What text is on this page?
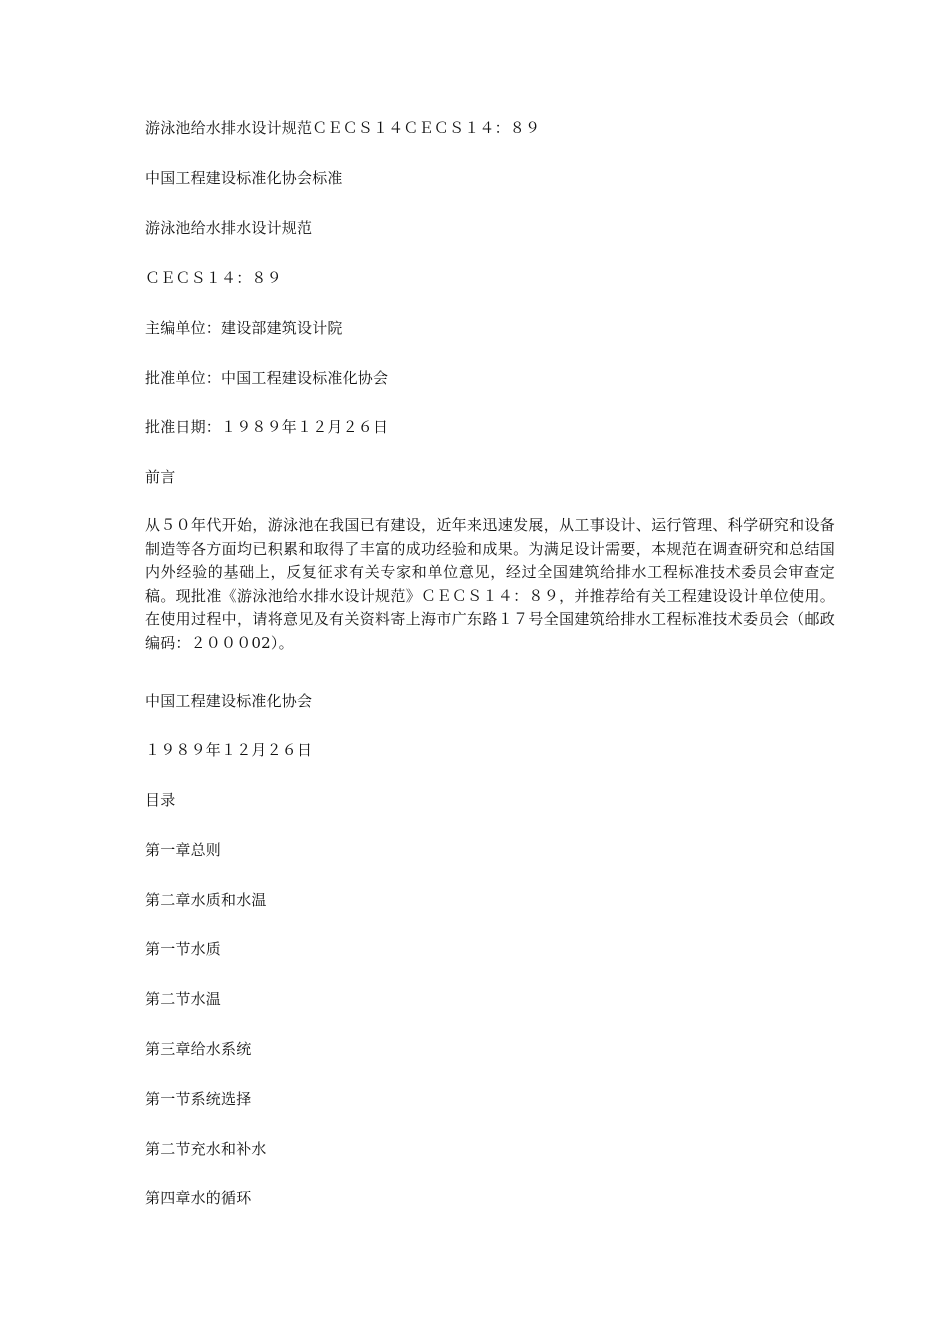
游泳池给水排水设计规范ＣＥＣＳ１４ＣＥＣＳ１４：８９
中国工程建设标准化协会标准
游泳池给水排水设计规范
ＣＥＣＳ１４：８９
主编单位：建设部建筑设计院
批准单位：中国工程建设标准化协会
批准日期：１９８９年１２月２６日
前言
从５０年代开始，游泳池在我国已有建设，近年来迅速发展，从工事设计、运行管理、科学研究和设备制造等各方面均已积累和取得了丰富的成功经验和成果。为满足设计需要，本规范在调查研究和总结国内外经验的基础上，反复征求有关专家和单位意见，经过全国建筑给排水工程标准技术委员会审查定稿。现批准《游泳池给水排水设计规范》ＣＥＣＳ１４：８９，并推荐给有关工程建设设计单位使用。在使用过程中，请将意见及有关资料寄上海市广东路１７号全国建筑给排水工程标准技术委员会（邮政编码：２０００02）。
中国工程建设标准化协会
１９８９年１２月２６日
目录
第一章总则
第二章水质和水温
第一节水质
第二节水温
第三章给水系统
第一节系统选择
第二节充水和补水
第四章水的循环
